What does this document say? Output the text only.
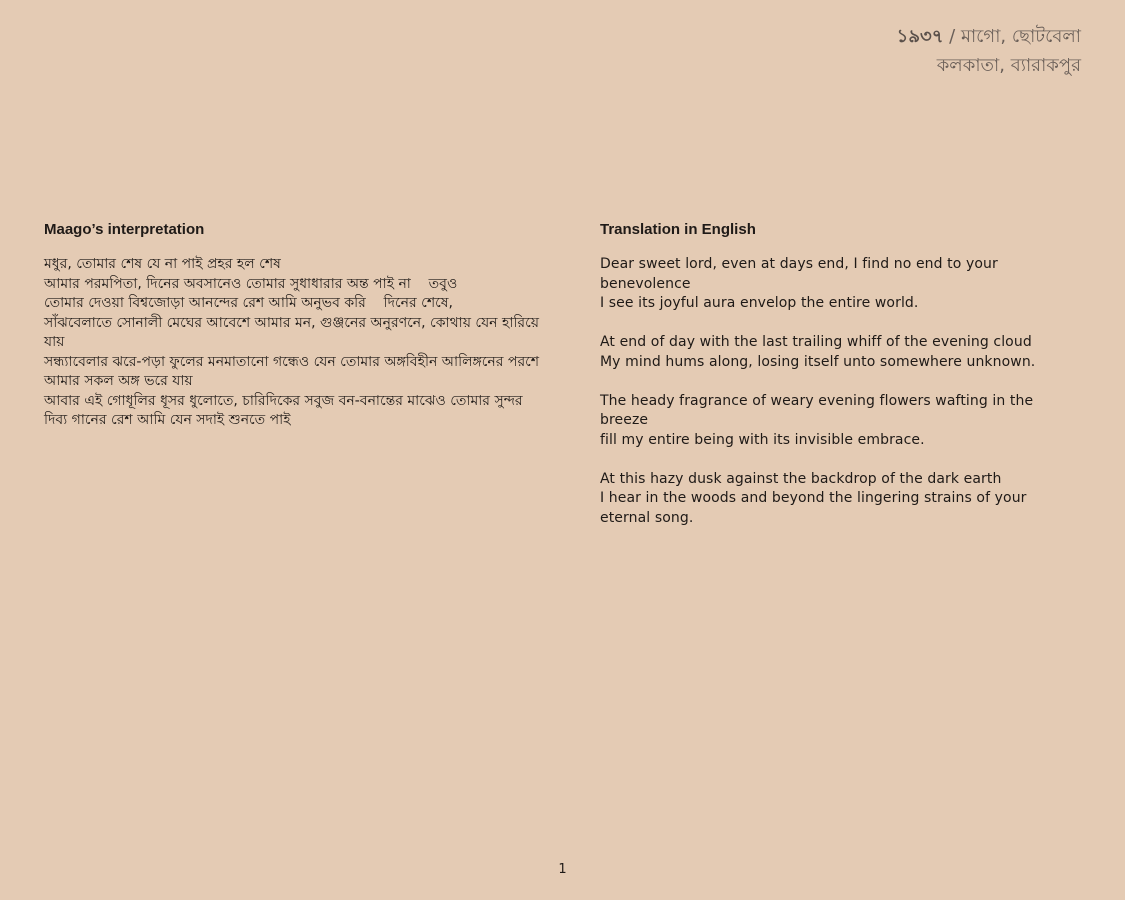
১৯৩৭ / মাগো, ছোটবেলা
কলকাতা, ব্যারাকপুর
Maago’s interpretation
মধুর, তোমার শেষ যে না পাই প্রহর হল শেষ
আমার পরমপিতা, দিনের অবসানেও তোমার সুধাধারার অন্ত পাই না    তবুও
তোমার দেওয়া বিশ্বজোড়া আনন্দের রেশ আমি অনুভব করি    দিনের শেষে,
সাঁঝবেলাতে সোনালী মেঘের আবেশে আমার মন, গুঞ্জনের অনুরণনে, কোথায় যেন হারিয়ে যায়
সন্ধ্যাবেলার ঝরে-পড়া ফুলের মনমাতানো গন্ধেও যেন তোমার অঙ্গবিহীন আলিঙ্গনের পরশে আমার সকল অঙ্গ ভরে যায়
আবার এই গোধূলির ধূসর ধুলোতে, চারিদিকের সবুজ বন-বনান্তের মাঝেও তোমার সুন্দর দিব্য গানের রেশ আমি যেন সদাই শুনতে পাই
Translation in English
Dear sweet lord, even at days end, I find no end to your benevolence
I see its joyful aura envelop the entire world.
At end of day with the last trailing whiff of the evening cloud
My mind hums along, losing itself unto somewhere unknown.
The heady fragrance of weary evening flowers wafting in the breeze
fill my entire being with its invisible embrace.
At this hazy dusk against the backdrop of the dark earth
I hear in the woods and beyond the lingering strains of your eternal song.
1
